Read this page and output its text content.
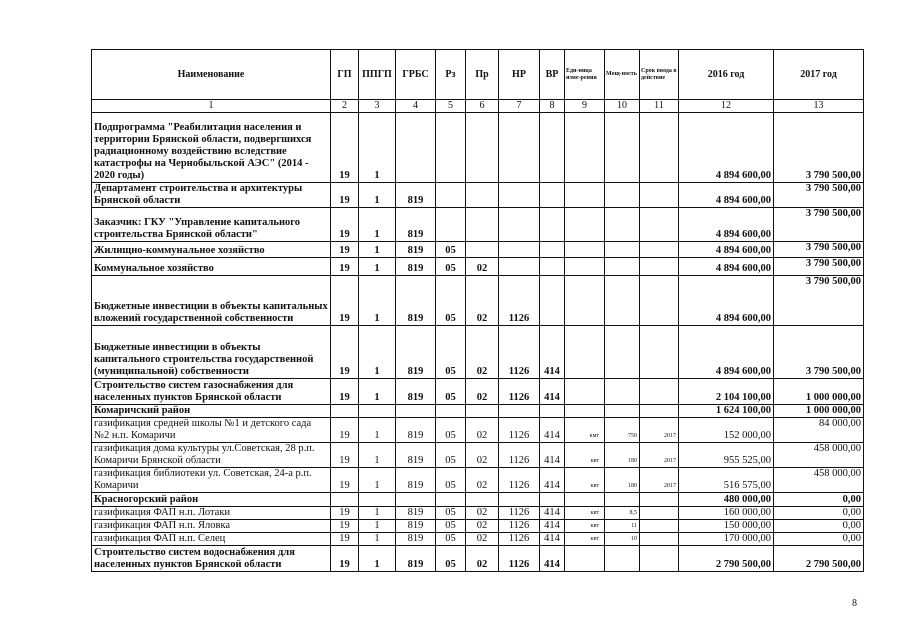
Наименование	ГП	ППГП	ГРБС	Рз	Пр	НР	ВР	Еди-ница изме-рения	Мощ-ность	Срок ввода в действие	2016 год	2017 год
1	2	3	4	5	6	7	8	9	10	11	12	13
Подпрограмма "Реабилитация населения и территории Брянской области, подвергшихся радиационному воздействию вследствие катастрофы на Чернобыльской АЭС" (2014 - 2020 годы)	19	1									4 894 600,00	3 790 500,00
Департамент строительства и архитектуры Брянской области	19	1	819								4 894 600,00	3 790 500,00
Заказчик: ГКУ "Управление капитального строительства Брянской области"	19	1	819								4 894 600,00	3 790 500,00
Жилищно-коммунальное хозяйство	19	1	819	05							4 894 600,00	3 790 500,00
Коммунальное хозяйство	19	1	819	05	02						4 894 600,00	3 790 500,00
Бюджетные инвестиции в объекты капитальных вложений государственной собственности	19	1	819	05	02	1126					4 894 600,00	3 790 500,00
Бюджетные инвестиции в объекты капитального строительства государственной (муниципальной) собственности	19	1	819	05	02	1126	414				4 894 600,00	3 790 500,00
Строительство систем газоснабжения для населенных пунктов Брянской области	19	1	819	05	02	1126	414				2 104 100,00	1 000 000,00
Комаричский район											1 624 100,00	1 000 000,00
газификация средней школы №1 и детского сада №2 н.п. Комаричи	19	1	819	05	02	1126	414	кмт	750	2017	152 000,00	84 000,00
газификация дома культуры ул.Советская, 28 р.п. Комаричи Брянской области	19	1	819	05	02	1126	414	квт	180	2017	955 525,00	458 000,00
газификация библиотеки ул. Советская, 24-а р.п. Комаричи	19	1	819	05	02	1126	414	квт	180	2017	516 575,00	458 000,00
Красногорский район											480 000,00	0,00
газификация ФАП н.п. Лотаки	19	1	819	05	02	1126	414	квт	8,5		160 000,00	0,00
газификация ФАП н.п. Яловка	19	1	819	05	02	1126	414	квт	11		150 000,00	0,00
газификация ФАП н.п. Селец	19	1	819	05	02	1126	414	квт	10		170 000,00	0,00
Строительство систем водоснабжения для населенных пунктов Брянской области	19	1	819	05	02	1126	414				2 790 500,00	2 790 500,00
8
